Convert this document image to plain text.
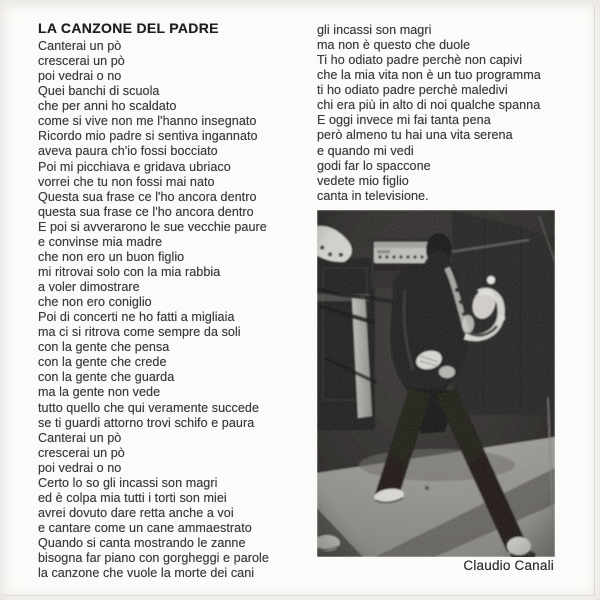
LA CANZONE DEL PADRE
Canterai un pò
crescerai un pò
poi vedrai o no
Quei banchi di scuola
che per anni ho scaldato
come si vive non me l'hanno insegnato
Ricordo mio padre si sentiva ingannato
aveva paura ch'io fossi bocciato
Poi mi picchiava e gridava ubriaco
vorrei che tu non fossi mai nato
Questa sua frase ce l'ho ancora dentro
questa sua frase ce l'ho ancora dentro
E poi si avverarono le sue vecchie paure
e convinse mia madre
che non ero un buon figlio
mi ritrovai solo con la mia rabbia
a voler dimostrare
che non ero coniglio
Poi di concerti ne ho fatti a migliaia
ma ci si ritrova come sempre da soli
con la gente che pensa
con la gente che crede
con la gente che guarda
ma la gente non vede
tutto quello che qui veramente succede
se ti guardi attorno trovi schifo e paura
Canterai un pò
crescerai un pò
poi vedrai o no
Certo lo so gli incassi son magri
ed è colpa mia tutti i torti son miei
avrei dovuto dare retta anche a voi
e cantare come un cane ammaestrato
Quando si canta mostrando le zanne
bisogna far piano con gorgheggi e parole
la canzone che vuole la morte dei cani
gli incassi son magri
ma non è questo che duole
Ti ho odiato padre perchè non capivi
che la mia vita non è un tuo programma
ti ho odiato padre perchè maledivi
chi era più in alto di noi qualche spanna
E oggi invece mi fai tanta pena
però almeno tu hai una vita serena
e quando mi vedi
godi far lo spaccone
vedete mio figlio
canta in televisione.
Claudio Canali
